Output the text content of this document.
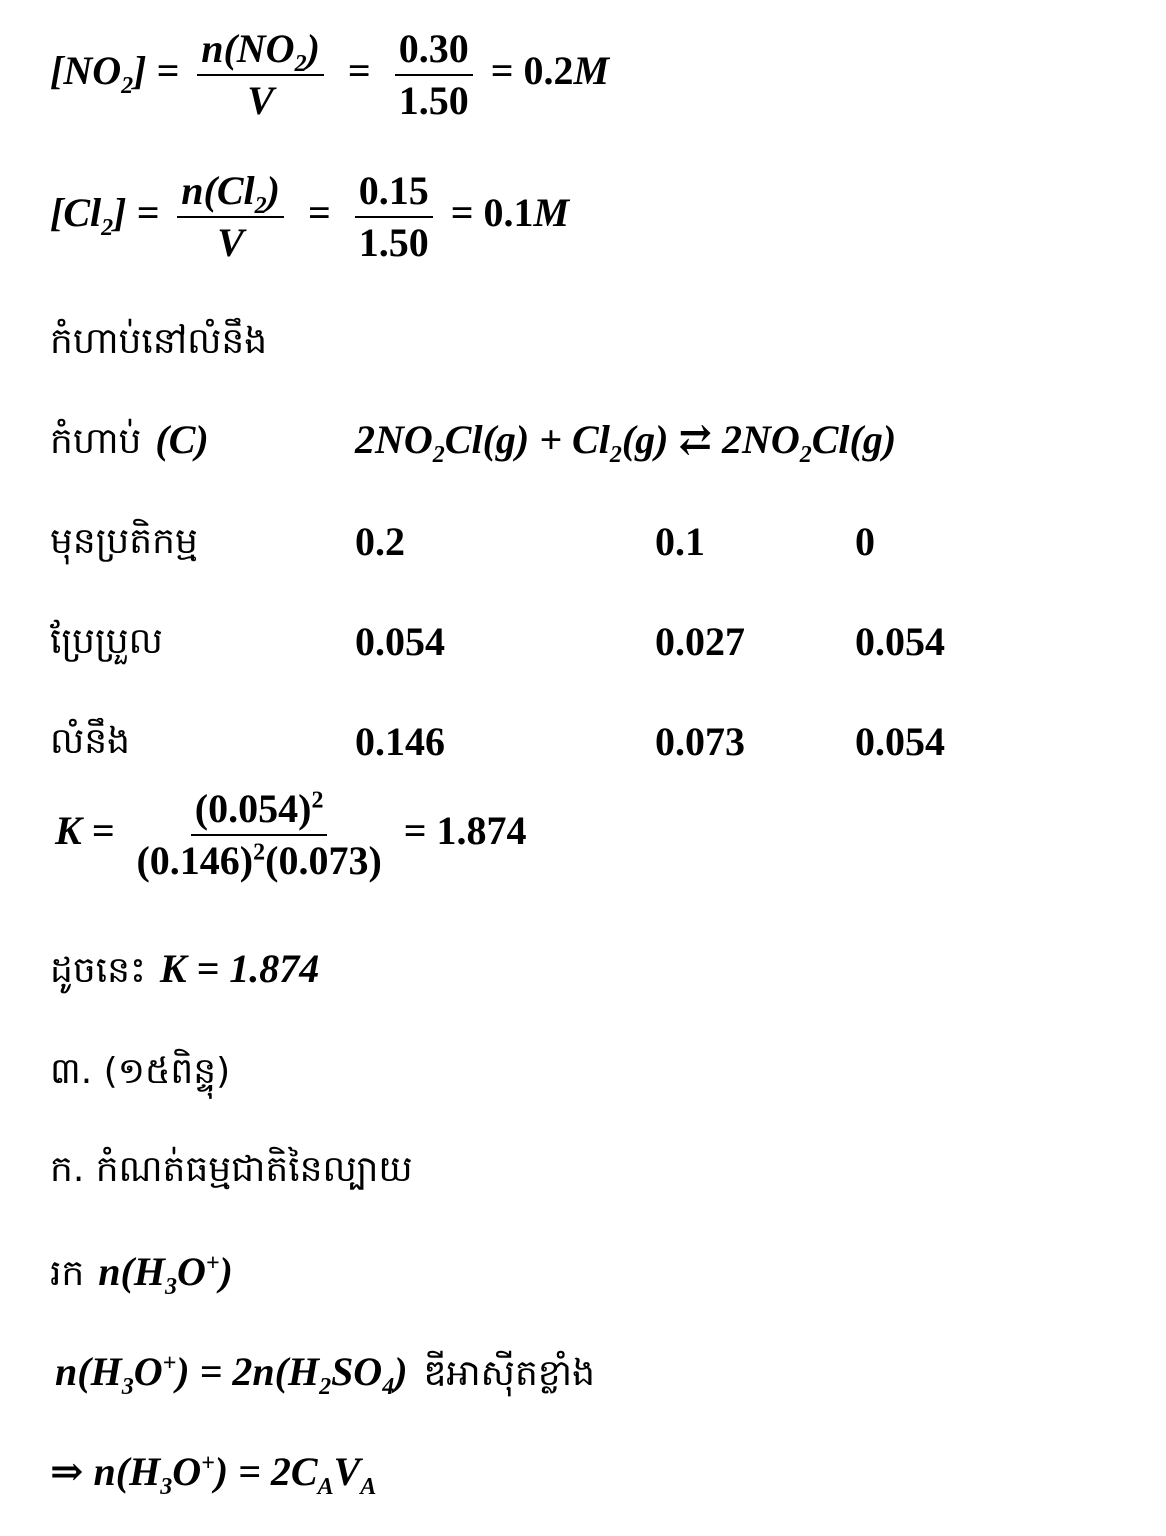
$[NO_2] = \frac{n(NO_2)}{V} = \frac{0.30}{1.50} = 0.2M$
$[Cl_2] = \frac{n(Cl_2)}{V} = \frac{0.15}{1.50} = 0.1M$
កំហាប់នៅលំនឹង
កំហាប់ (C)	$2NO_2Cl(g) + Cl_2(g)$ ⇄ $2NO_2Cl(g)$
មុនប្រតិកម្ម	0.2	0.1	0
ប្រែប្រួល	0.054	0.027	0.054
លំនឹង	0.146	0.073	0.054
$K = \frac{(0.054)^2}{(0.146)^2(0.073)} = 1.874$
ដូចនេះ K = 1.874
៣. (១៥ពិន្ទុ)
ក. កំណត់ធម្មជាតិនៃល្បាយ
រក $n(H_3O^+)$
$n(H_3O^+) = 2n(H_2SO_4)$ ឌីអាស៊ីតខ្លាំង
⇒ $n(H_3O^+) = 2C_AV_A$
